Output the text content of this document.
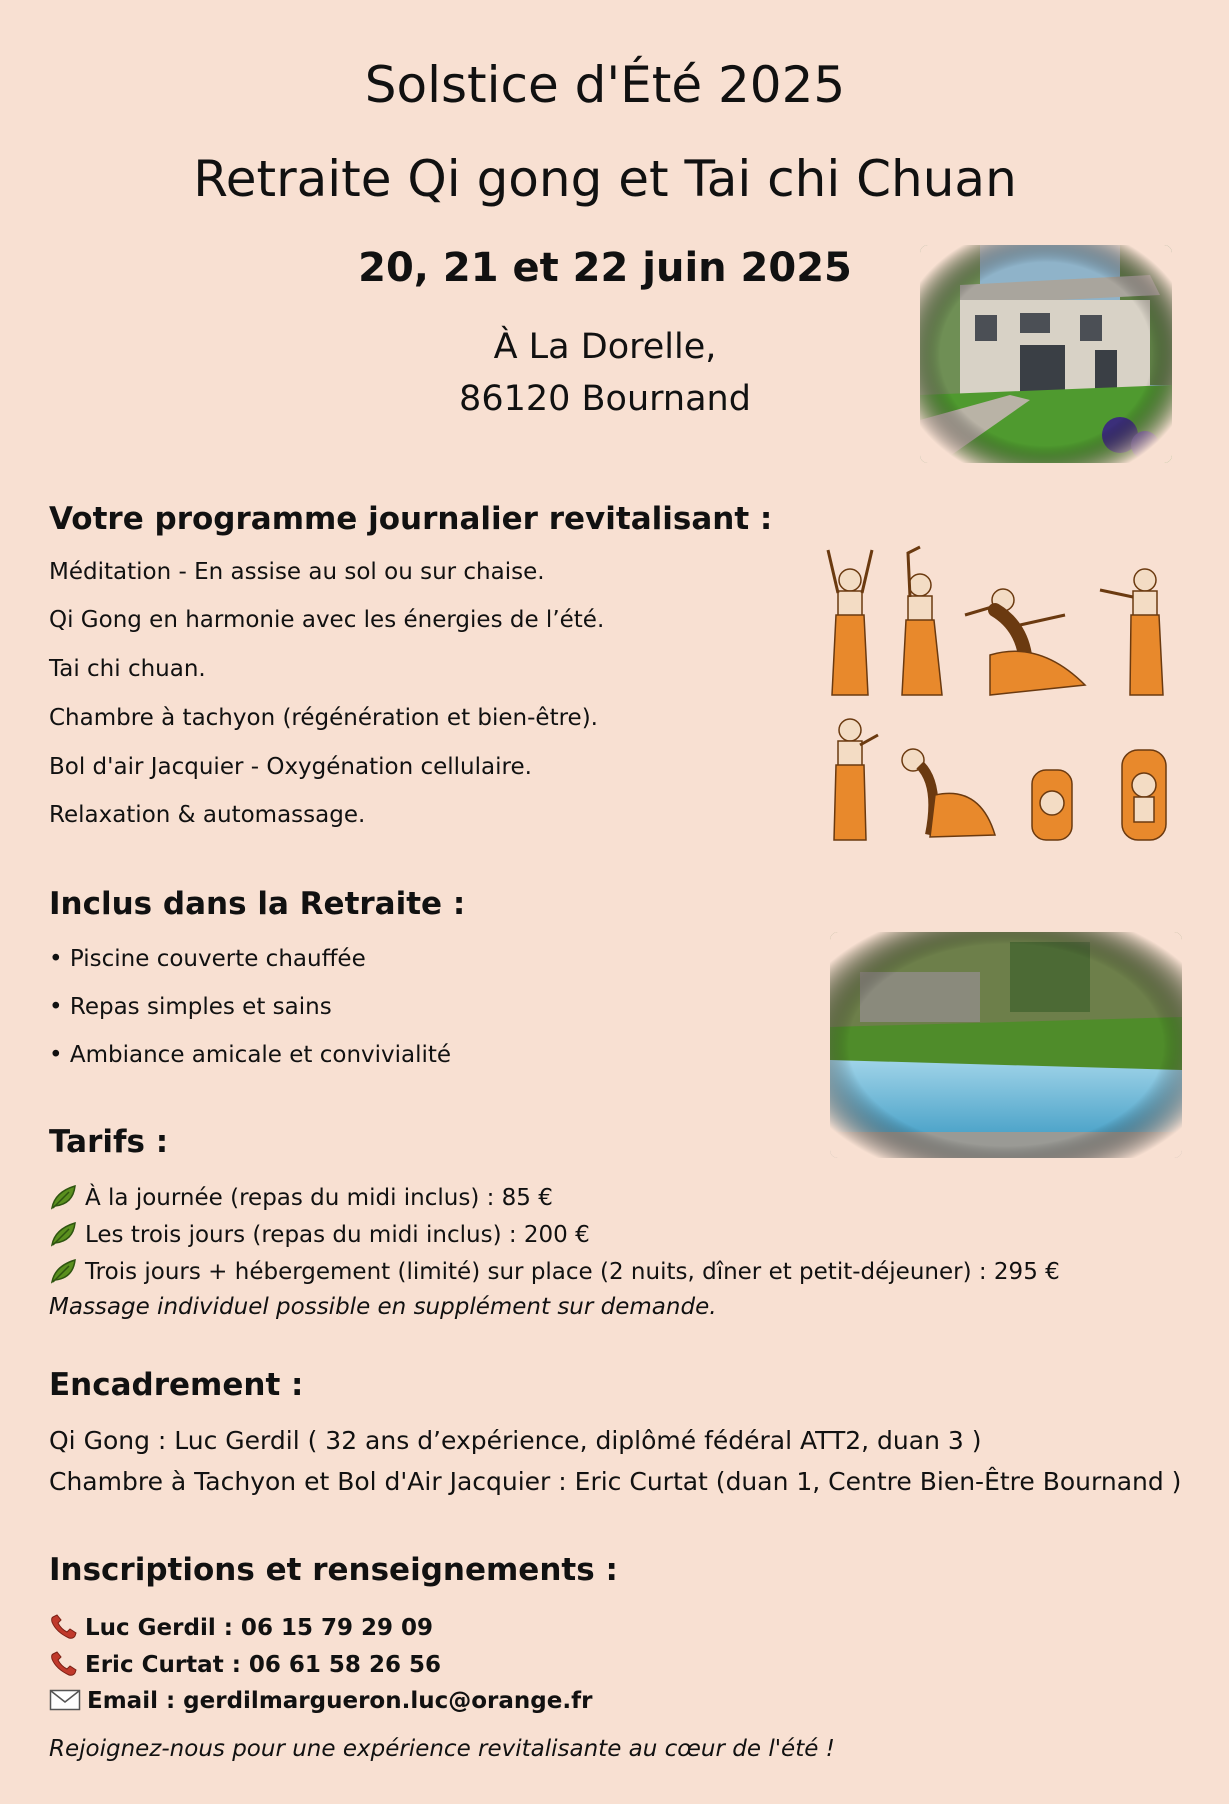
Solstice d'Été 2025
Retraite Qi gong et Tai chi Chuan
20, 21 et 22 juin 2025
À La Dorelle,
86120 Bournand
Votre programme journalier revitalisant :
Méditation - En assise au sol ou sur chaise.
Qi Gong en harmonie avec les énergies de l’été.
Tai chi chuan.
Chambre à tachyon (régénération et bien-être).
Bol d'air Jacquier - Oxygénation cellulaire.
Relaxation & automassage.
Inclus dans la Retraite :
• Piscine couverte chauffée
• Repas simples et sains
• Ambiance amicale et convivialité
Tarifs :
À la journée (repas du midi inclus) : 85 €
Les trois jours (repas du midi inclus) : 200 €
Trois jours + hébergement (limité) sur place (2 nuits, dîner et petit-déjeuner) : 295 €
Massage individuel possible en supplément sur demande.
Encadrement :
Qi Gong : Luc Gerdil ( 32 ans d’expérience, diplômé fédéral ATT2, duan 3 )
Chambre à Tachyon et Bol d'Air Jacquier : Eric Curtat (duan 1, Centre Bien-Être Bournand )
Inscriptions et renseignements :
Luc Gerdil : 06 15 79 29 09
Eric Curtat : 06 61 58 26 56
Email : gerdilmargueron.luc@orange.fr
Rejoignez-nous pour une expérience revitalisante au cœur de l'été !
